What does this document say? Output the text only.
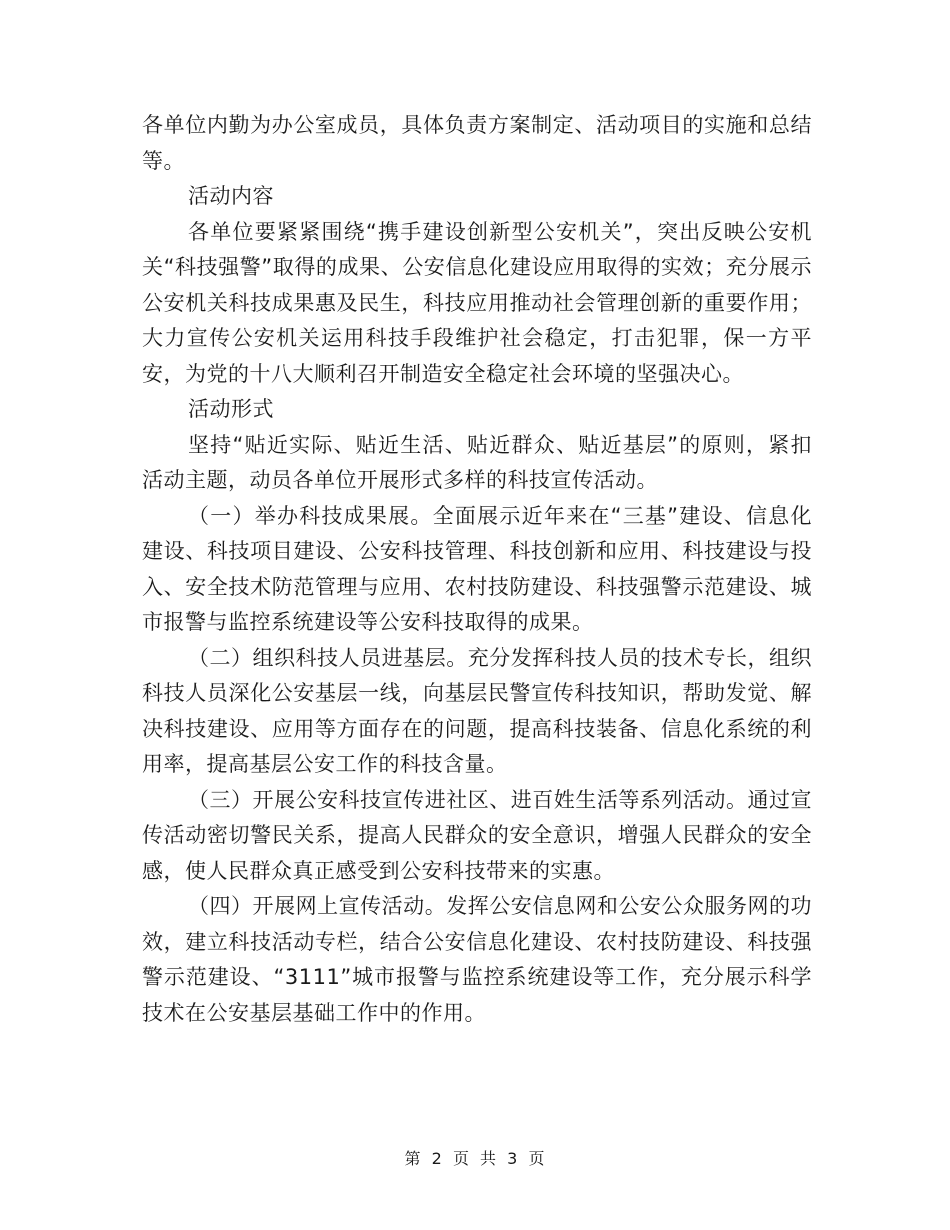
各单位内勤为办公室成员，具体负责方案制定、活动项目的实施和总结等。

活动内容

各单位要紧紧围绕“携手建设创新型公安机关”，突出反映公安机关“科技强警”取得的成果、公安信息化建设应用取得的实效；充分展示公安机关科技成果惠及民生，科技应用推动社会管理创新的重要作用；大力宣传公安机关运用科技手段维护社会稳定，打击犯罪，保一方平安，为党的十八大顺利召开制造安全稳定社会环境的坚强决心。

活动形式

坚持“贴近实际、贴近生活、贴近群众、贴近基层”的原则，紧扣活动主题，动员各单位开展形式多样的科技宣传活动。

（一）举办科技成果展。全面展示近年来在“三基”建设、信息化建设、科技项目建设、公安科技管理、科技创新和应用、科技建设与投入、安全技术防范管理与应用、农村技防建设、科技强警示范建设、城市报警与监控系统建设等公安科技取得的成果。

（二）组织科技人员进基层。充分发挥科技人员的技术专长，组织科技人员深化公安基层一线，向基层民警宣传科技知识，帮助发觉、解决科技建设、应用等方面存在的问题，提高科技装备、信息化系统的利用率，提高基层公安工作的科技含量。

（三）开展公安科技宣传进社区、进百姓生活等系列活动。通过宣传活动密切警民关系，提高人民群众的安全意识，增强人民群众的安全感，使人民群众真正感受到公安科技带来的实惠。

（四）开展网上宣传活动。发挥公安信息网和公安公众服务网的功效，建立科技活动专栏，结合公安信息化建设、农村技防建设、科技强警示范建设、“3111”城市报警与监控系统建设等工作，充分展示科学技术在公安基层基础工作中的作用。

第 2 页 共 3 页
